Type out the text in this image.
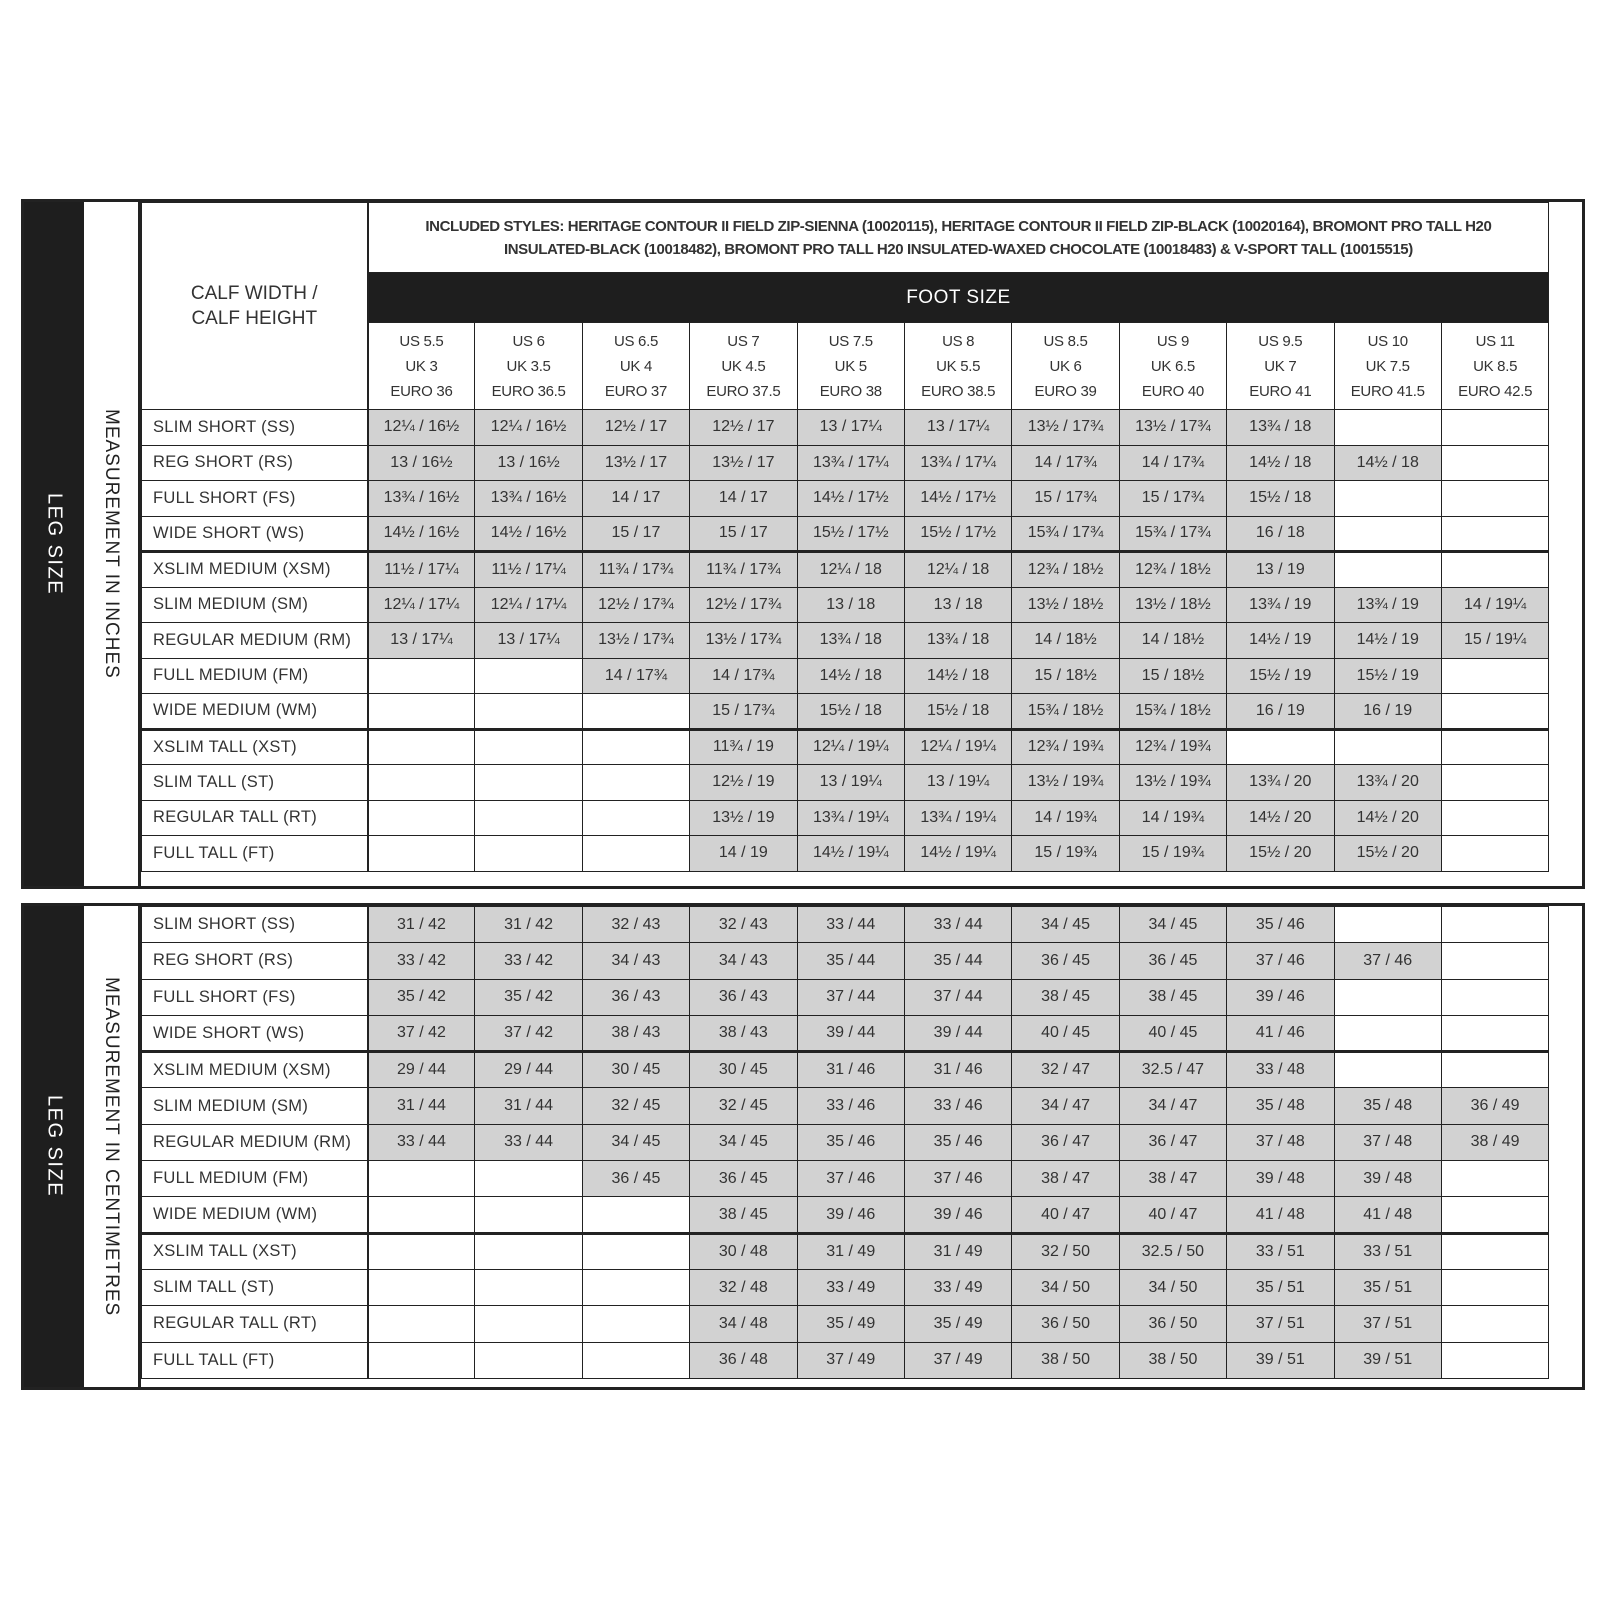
LEG SIZE MEASUREMENT IN INCHES
CALF WIDTH /
CALF HEIGHT	INCLUDED STYLES: HERITAGE CONTOUR II FIELD ZIP-SIENNA (10020115), HERITAGE CONTOUR II FIELD ZIP-BLACK (10020164), BROMONT PRO TALL H20 INSULATED-BLACK (10018482), BROMONT PRO TALL H20 INSULATED-WAXED CHOCOLATE (10018483) & V-SPORT TALL (10015515)										
	FOOT SIZE										

	US 5.5
UK 3
EURO 36	US 6
UK 3.5
EURO 36.5	US 6.5
UK 4
EURO 37	US 7
UK 4.5
EURO 37.5	US 7.5
UK 5
EURO 38	US 8
UK 5.5
EURO 38.5	US 8.5
UK 6
EURO 39	US 9
UK 6.5
EURO 40	US 9.5
UK 7
EURO 41	US 10
UK 7.5
EURO 41.5	US 11
UK 8.5
EURO 42.5

SLIM SHORT (SS)	12¼ / 16½	12¼ / 16½	12½ / 17	12½ / 17	13 / 17¼	13 / 17¼	13½ / 17¾	13½ / 17¾	13¾ / 18		
REG SHORT (RS)	13 / 16½	13 / 16½	13½ / 17	13½ / 17	13¾ / 17¼	13¾ / 17¼	14 / 17¾	14 / 17¾	14½ / 18	14½ / 18	
FULL SHORT (FS)	13¾ / 16½	13¾ / 16½	14 / 17	14 / 17	14½ / 17½	14½ / 17½	15 / 17¾	15 / 17¾	15½ / 18		
WIDE SHORT (WS)	14½ / 16½	14½ / 16½	15 / 17	15 / 17	15½ / 17½	15½ / 17½	15¾ / 17¾	15¾ / 17¾	16 / 18		
XSLIM MEDIUM (XSM)	11½ / 17¼	11½ / 17¼	11¾ / 17¾	11¾ / 17¾	12¼ / 18	12¼ / 18	12¾ / 18½	12¾ / 18½	13 / 19		
SLIM MEDIUM (SM)	12¼ / 17¼	12¼ / 17¼	12½ / 17¾	12½ / 17¾	13 / 18	13 / 18	13½ / 18½	13½ / 18½	13¾ / 19	13¾ / 19	14 / 19¼
REGULAR MEDIUM (RM)	13 / 17¼	13 / 17¼	13½ / 17¾	13½ / 17¾	13¾ / 18	13¾ / 18	14 / 18½	14 / 18½	14½ / 19	14½ / 19	15 / 19¼
FULL MEDIUM (FM)			14 / 17¾	14 / 17¾	14½ / 18	14½ / 18	15 / 18½	15 / 18½	15½ / 19	15½ / 19	
WIDE MEDIUM (WM)				15 / 17¾	15½ / 18	15½ / 18	15¾ / 18½	15¾ / 18½	16 / 19	16 / 19	
XSLIM TALL (XST)				11¾ / 19	12¼ / 19¼	12¼ / 19¼	12¾ / 19¾	12¾ / 19¾			
SLIM TALL (ST)				12½ / 19	13 / 19¼	13 / 19¼	13½ / 19¾	13½ / 19¾	13¾ / 20	13¾ / 20	
REGULAR TALL (RT)				13½ / 19	13¾ / 19¼	13¾ / 19¼	14 / 19¾	14 / 19¾	14½ / 20	14½ / 20	
FULL TALL (FT)				14 / 19	14½ / 19¼	14½ / 19¼	15 / 19¾	15 / 19¾	15½ / 20	15½ / 20	
LEG SIZE MEASUREMENT IN CENTIMETRES
SLIM SHORT (SS)	31 / 42	31 / 42	32 / 43	32 / 43	33 / 44	33 / 44	34 / 45	34 / 45	35 / 46		
REG SHORT (RS)	33 / 42	33 / 42	34 / 43	34 / 43	35 / 44	35 / 44	36 / 45	36 / 45	37 / 46	37 / 46	
FULL SHORT (FS)	35 / 42	35 / 42	36 / 43	36 / 43	37 / 44	37 / 44	38 / 45	38 / 45	39 / 46		
WIDE SHORT (WS)	37 / 42	37 / 42	38 / 43	38 / 43	39 / 44	39 / 44	40 / 45	40 / 45	41 / 46		
XSLIM MEDIUM (XSM)	29 / 44	29 / 44	30 / 45	30 / 45	31 / 46	31 / 46	32 / 47	32.5 / 47	33 / 48		
SLIM MEDIUM (SM)	31 / 44	31 / 44	32 / 45	32 / 45	33 / 46	33 / 46	34 / 47	34 / 47	35 / 48	35 / 48	36 / 49
REGULAR MEDIUM (RM)	33 / 44	33 / 44	34 / 45	34 / 45	35 / 46	35 / 46	36 / 47	36 / 47	37 / 48	37 / 48	38 / 49
FULL MEDIUM (FM)			36 / 45	36 / 45	37 / 46	37 / 46	38 / 47	38 / 47	39 / 48	39 / 48	
WIDE MEDIUM (WM)				38 / 45	39 / 46	39 / 46	40 / 47	40 / 47	41 / 48	41 / 48	
XSLIM TALL (XST)				30 / 48	31 / 49	31 / 49	32 / 50	32.5 / 50	33 / 51	33 / 51	
SLIM TALL (ST)				32 / 48	33 / 49	33 / 49	34 / 50	34 / 50	35 / 51	35 / 51	
REGULAR TALL (RT)				34 / 48	35 / 49	35 / 49	36 / 50	36 / 50	37 / 51	37 / 51	
FULL TALL (FT)				36 / 48	37 / 49	37 / 49	38 / 50	38 / 50	39 / 51	39 / 51	
